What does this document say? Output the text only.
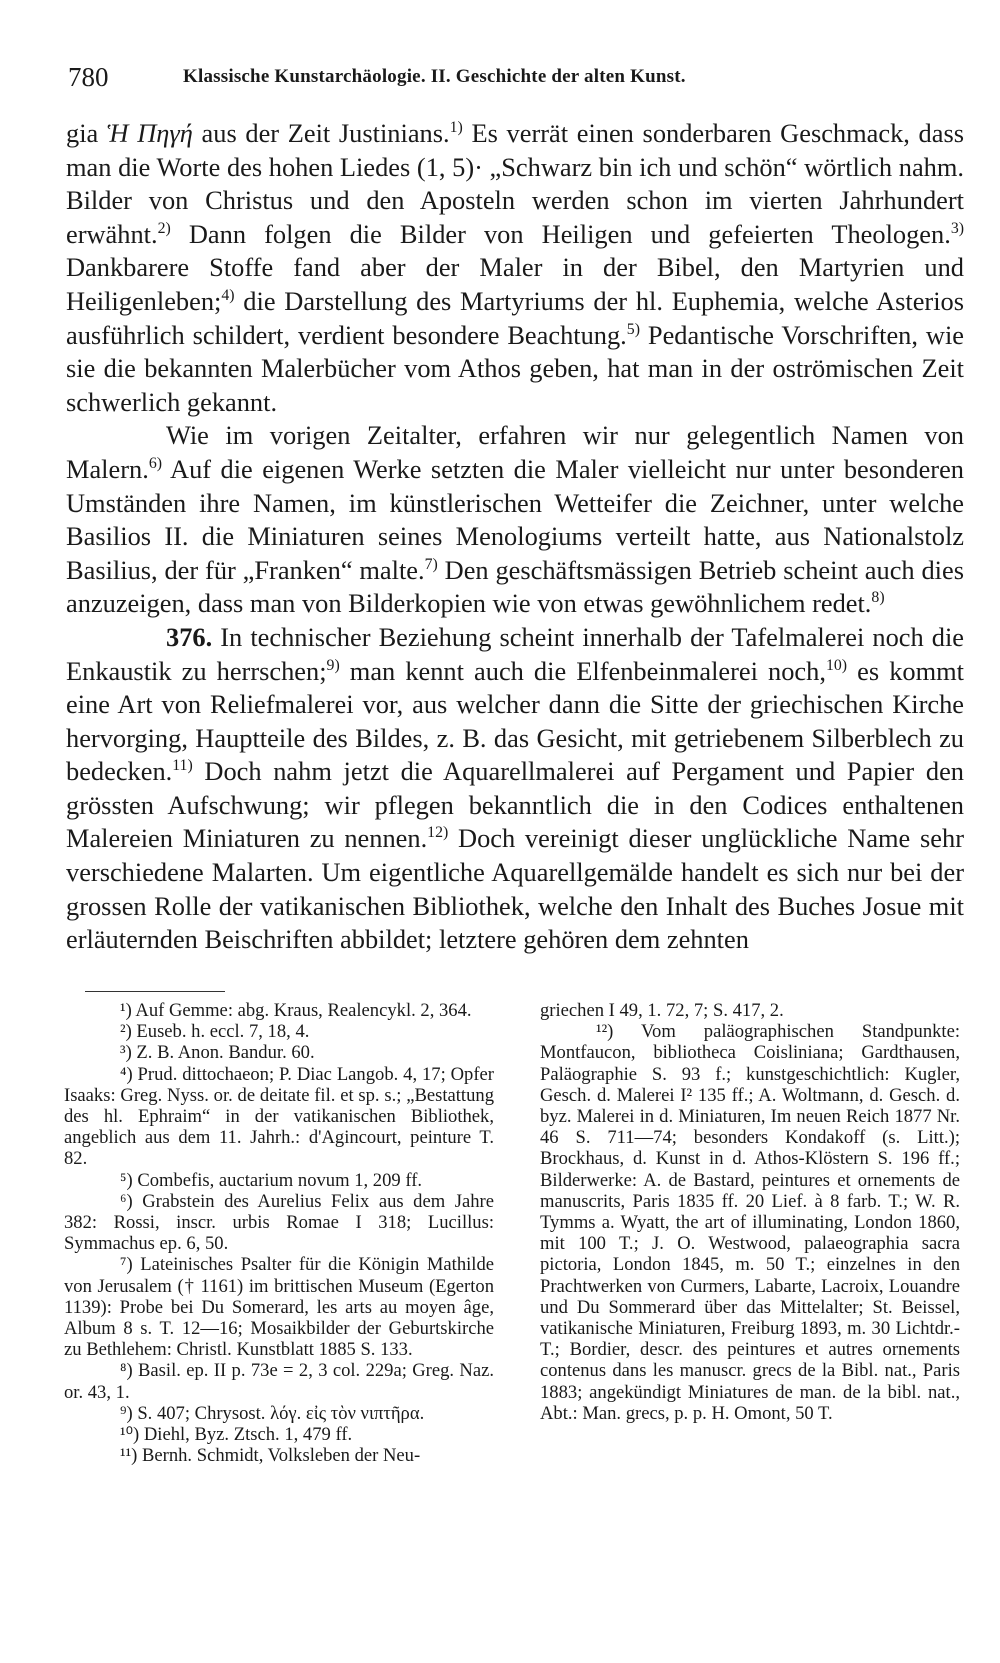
780	Klassische Kunstarchäologie. II. Geschichte der alten Kunst.

gia Ἡ Πηγή aus der Zeit Justinians.$^{1)}$ Es verrät einen sonderbaren Geschmack, dass man die Worte des hohen Liedes (1, 5)· „Schwarz bin ich und schön“ wörtlich nahm. Bilder von Christus und den Aposteln werden schon im vierten Jahrhundert erwähnt.$^{2)}$ Dann folgen die Bilder von Heiligen und gefeierten Theologen.$^{3)}$ Dankbarere Stoffe fand aber der Maler in der Bibel, den Martyrien und Heiligenleben;$^{4)}$ die Darstellung des Martyriums der hl. Euphemia, welche Asterios ausführlich schildert, verdient besondere Beachtung.$^{5)}$ Pedantische Vorschriften, wie sie die bekannten Malerbücher vom Athos geben, hat man in der oströmischen Zeit schwerlich gekannt.

Wie im vorigen Zeitalter, erfahren wir nur gelegentlich Namen von Malern.$^{6)}$ Auf die eigenen Werke setzten die Maler vielleicht nur unter besonderen Umständen ihre Namen, im künstlerischen Wetteifer die Zeichner, unter welche Basilios II. die Miniaturen seines Menologiums verteilt hatte, aus Nationalstolz Basilius, der für „Franken“ malte.$^{7)}$ Den geschäftsmässigen Betrieb scheint auch dies anzuzeigen, dass man von Bilderkopien wie von etwas gewöhnlichem redet.$^{8)}$

376. In technischer Beziehung scheint innerhalb der Tafelmalerei noch die Enkaustik zu herrschen;$^{9)}$ man kennt auch die Elfenbeinmalerei noch,$^{10)}$ es kommt eine Art von Reliefmalerei vor, aus welcher dann die Sitte der griechischen Kirche hervorging, Hauptteile des Bildes, z. B. das Gesicht, mit getriebenem Silberblech zu bedecken.$^{11)}$ Doch nahm jetzt die Aquarellmalerei auf Pergament und Papier den grössten Aufschwung; wir pflegen bekanntlich die in den Codices enthaltenen Malereien Miniaturen zu nennen.$^{12)}$ Doch vereinigt dieser unglückliche Name sehr verschiedene Malarten. Um eigentliche Aquarellgemälde handelt es sich nur bei der grossen Rolle der vatikanischen Bibliothek, welche den Inhalt des Buches Josue mit erläuternden Beischriften abbildet; letztere gehören dem zehnten

¹) Auf Gemme: abg. Kraus, Realencykl. 2, 364.

²) Euseb. h. eccl. 7, 18, 4.

³) Z. B. Anon. Bandur. 60.

⁴) Prud. dittochaeon; P. Diac Langob. 4, 17; Opfer Isaaks: Greg. Nyss. or. de deitate fil. et sp. s.; „Bestattung des hl. Ephraim“ in der vatikanischen Bibliothek, angeblich aus dem 11. Jahrh.: d'Agincourt, peinture T. 82.

⁵) Combefis, auctarium novum 1, 209 ff.

⁶) Grabstein des Aurelius Felix aus dem Jahre 382: Rossi, inscr. urbis Romae I 318; Lucillus: Symmachus ep. 6, 50.

⁷) Lateinisches Psalter für die Königin Mathilde von Jerusalem († 1161) im brittischen Museum (Egerton 1139): Probe bei Du Somerard, les arts au moyen âge, Album 8 s. T. 12—16; Mosaikbilder der Geburtskirche zu Bethlehem: Christl. Kunstblatt 1885 S. 133.

⁸) Basil. ep. II p. 73e = 2, 3 col. 229a; Greg. Naz. or. 43, 1.

⁹) S. 407; Chrysost. λόγ. εἰς τὸν νιπτῆρα.

¹⁰) Diehl, Byz. Ztsch. 1, 479 ff.

¹¹) Bernh. Schmidt, Volksleben der Neu-

griechen I 49, 1. 72, 7; S. 417, 2.

¹²) Vom paläographischen Standpunkte: Montfaucon, bibliotheca Coisliniana; Gardthausen, Paläographie S. 93 f.; kunstgeschichtlich: Kugler, Gesch. d. Malerei I² 135 ff.; A. Woltmann, d. Gesch. d. byz. Malerei in d. Miniaturen, Im neuen Reich 1877 Nr. 46 S. 711—74; besonders Kondakoff (s. Litt.); Brockhaus, d. Kunst in d. Athos-Klöstern S. 196 ff.; Bilderwerke: A. de Bastard, peintures et ornements de manuscrits, Paris 1835 ff. 20 Lief. à 8 farb. T.; W. R. Tymms a. Wyatt, the art of illuminating, London 1860, mit 100 T.; J. O. Westwood, palaeographia sacra pictoria, London 1845, m. 50 T.; einzelnes in den Prachtwerken von Curmers, Labarte, Lacroix, Louandre und Du Sommerard über das Mittelalter; St. Beissel, vatikanische Miniaturen, Freiburg 1893, m. 30 Lichtdr.-T.; Bordier, descr. des peintures et autres ornements contenus dans les manuscr. grecs de la Bibl. nat., Paris 1883; angekündigt Miniatures de man. de la bibl. nat., Abt.: Man. grecs, p. p. H. Omont, 50 T.
